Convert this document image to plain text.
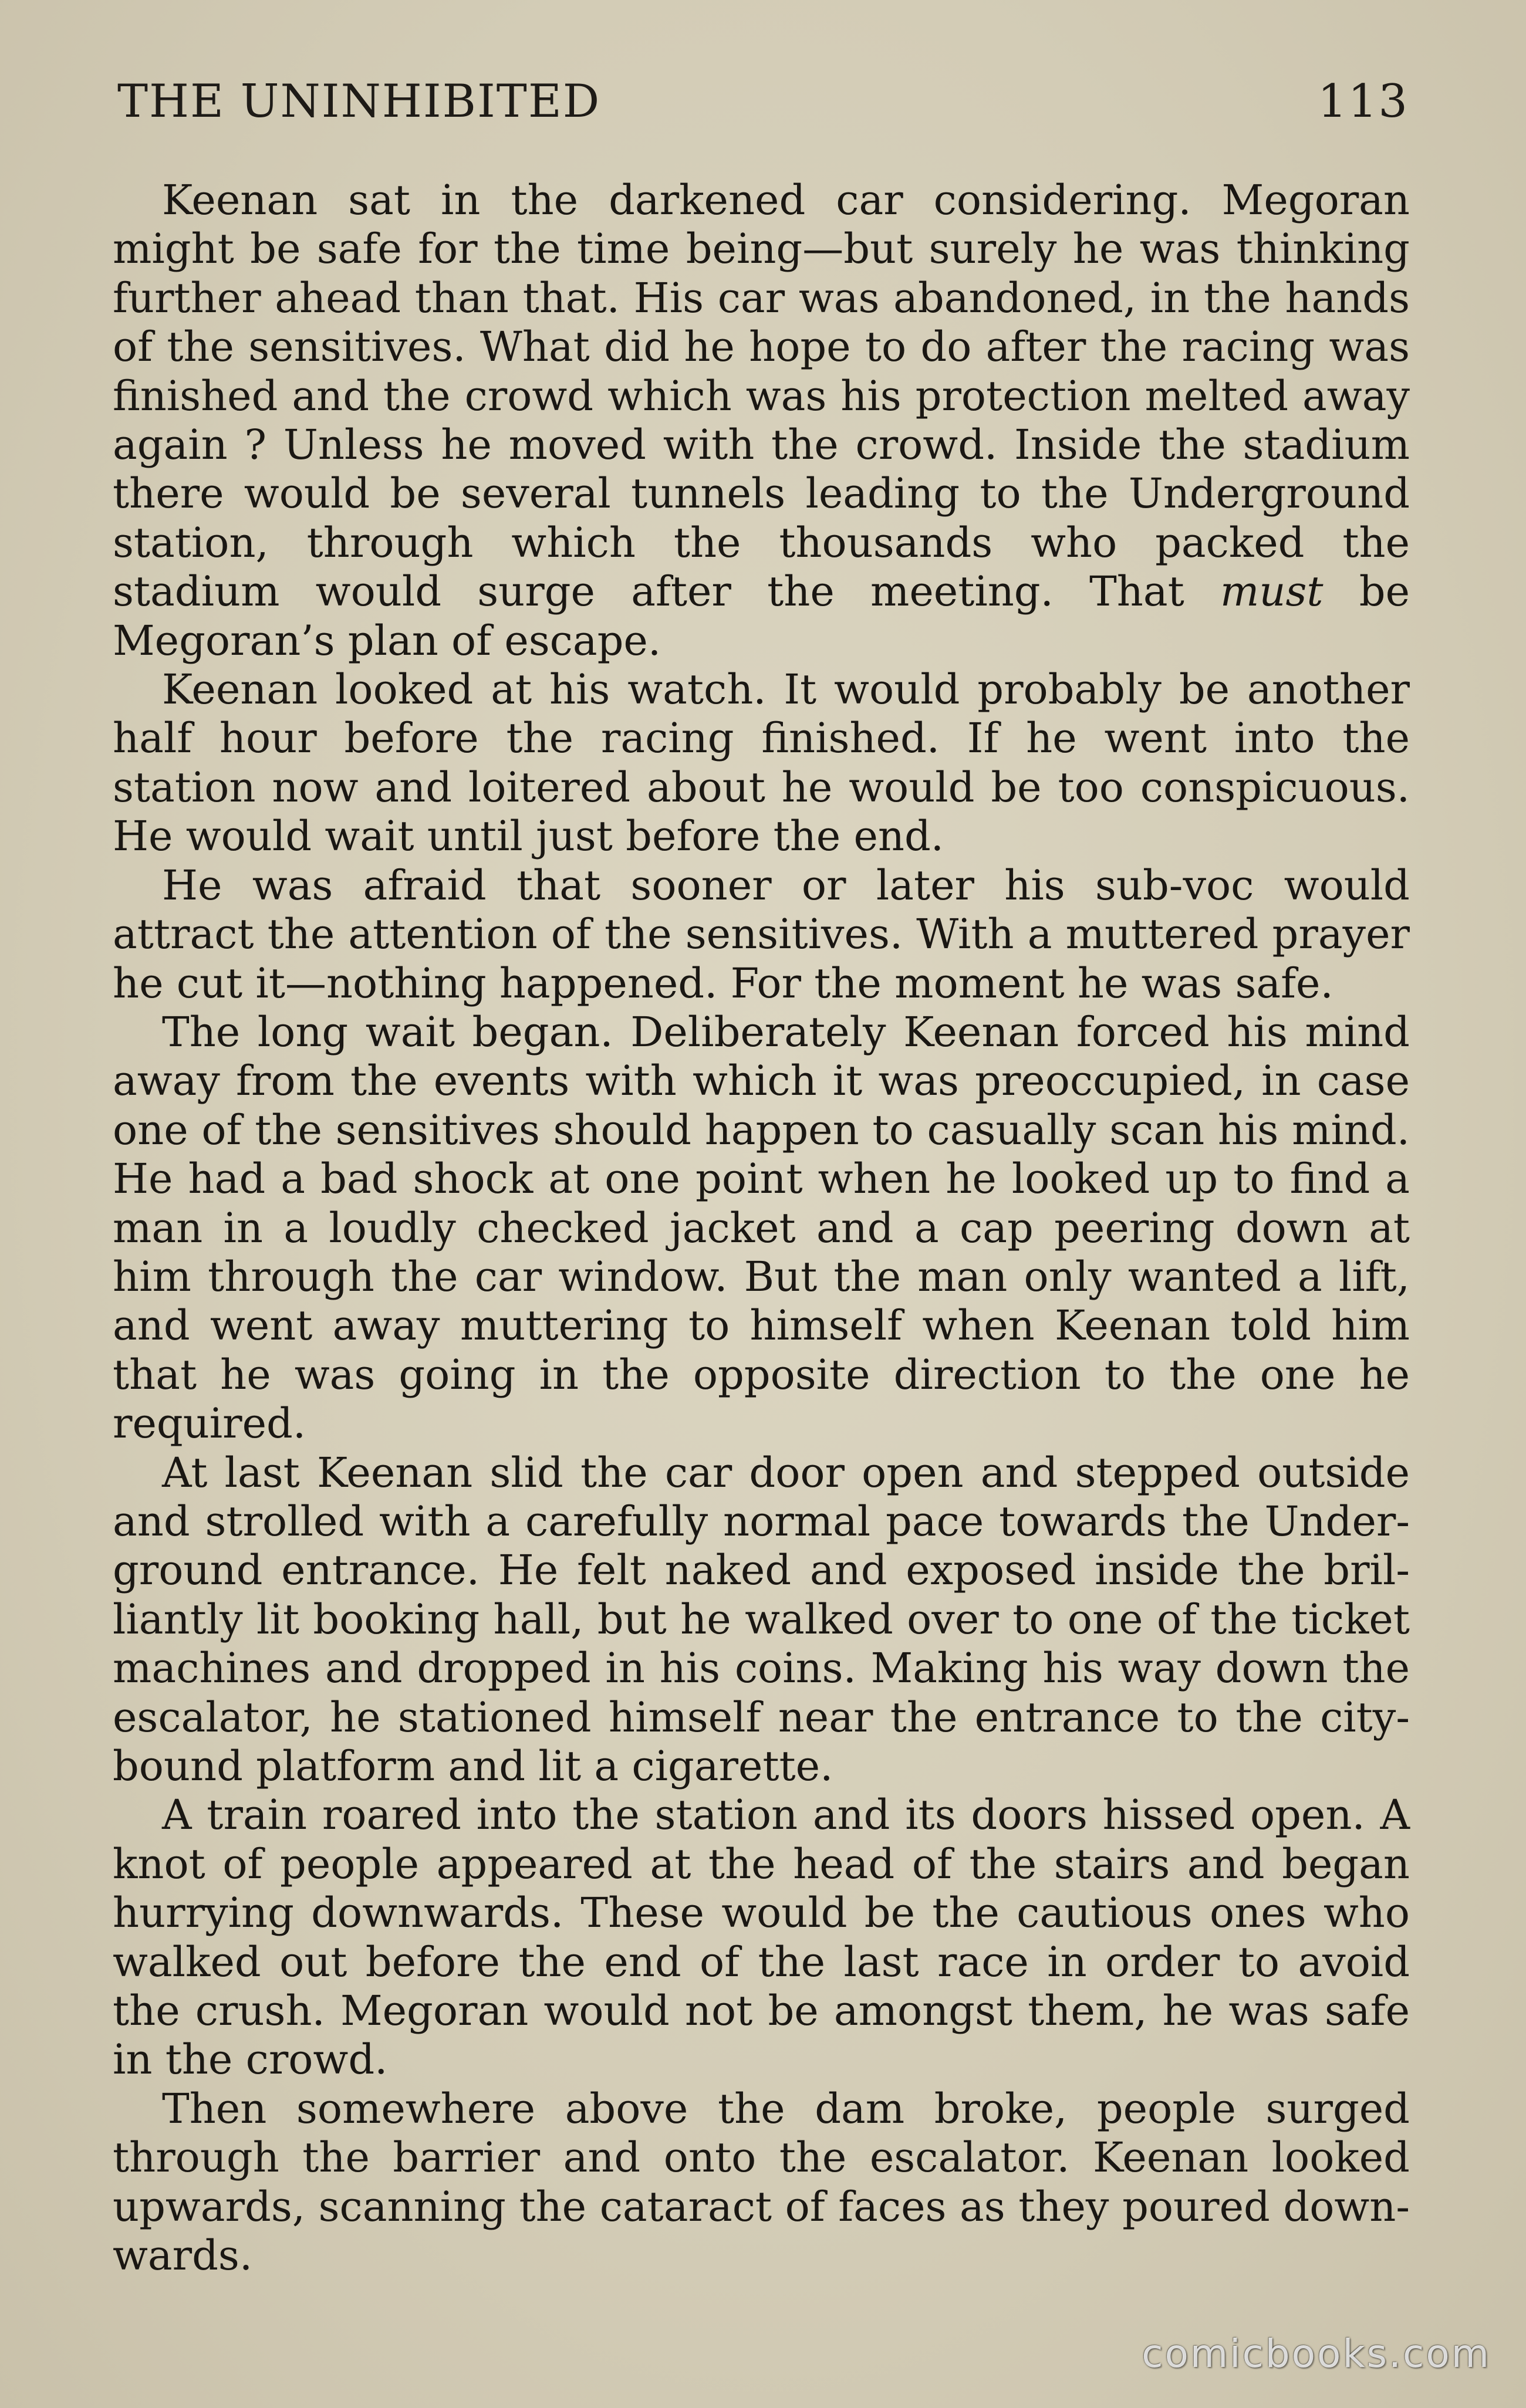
THE UNINHIBITED	113

Keenan sat in the darkened car considering. Megoran might be safe for the time being—but surely he was thinking further ahead than that. His car was abandoned, in the hands of the sensitives. What did he hope to do after the racing was finished and the crowd which was his protection melted away again ? Unless he moved with the crowd. Inside the stadium there would be several tunnels leading to the Underground station, through which the thousands who packed the stadium would surge after the meeting. That must be Megoran’s plan of escape.

Keenan looked at his watch. It would probably be another half hour before the racing finished. If he went into the station now and loitered about he would be too conspicuous. He would wait until just before the end.

He was afraid that sooner or later his sub-voc would attract the attention of the sensitives. With a muttered prayer he cut it—nothing happened. For the moment he was safe.

The long wait began. Deliberately Keenan forced his mind away from the events with which it was preoccupied, in case one of the sensitives should happen to casually scan his mind. He had a bad shock at one point when he looked up to find a man in a loudly checked jacket and a cap peering down at him through the car window. But the man only wanted a lift, and went away muttering to himself when Keenan told him that he was going in the opposite direction to the one he required.

At last Keenan slid the car door open and stepped outside and strolled with a carefully normal pace towards the Underground entrance. He felt naked and exposed inside the brilliantly lit booking hall, but he walked over to one of the ticket machines and dropped in his coins. Making his way down the escalator, he stationed himself near the entrance to the city-bound platform and lit a cigarette.

A train roared into the station and its doors hissed open. A knot of people appeared at the head of the stairs and began hurrying downwards. These would be the cautious ones who walked out before the end of the last race in order to avoid the crush. Megoran would not be amongst them, he was safe in the crowd.

Then somewhere above the dam broke, people surged through the barrier and onto the escalator. Keenan looked upwards, scanning the cataract of faces as they poured downwards.

comicbooks.com
